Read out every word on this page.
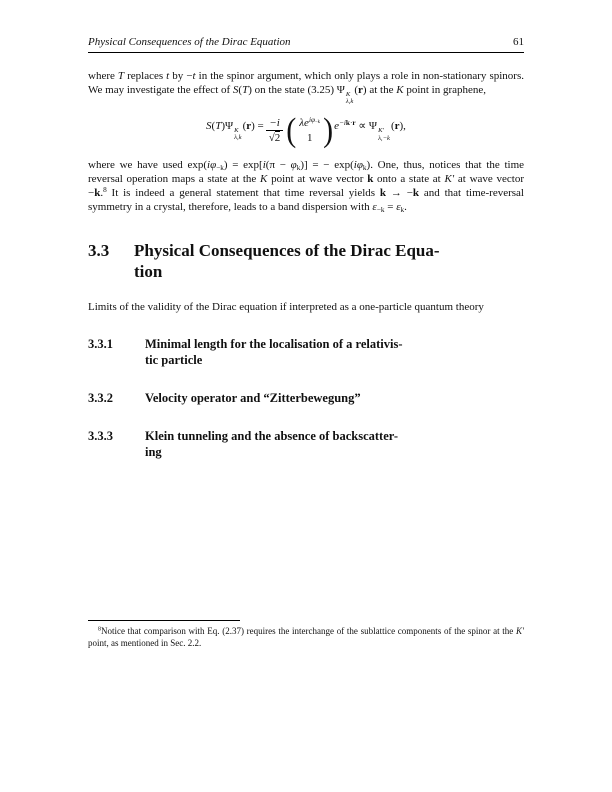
Physical Consequences of the Dirac Equation	61

where T replaces t by −t in the spinor argument, which only plays a role in non-stationary spinors. We may investigate the effect of S(T) on the state (3.25) Ψ K
λ,k
(r) at the K point in graphene,

S(T)Ψ K
λ,k
$(r) = \frac{-i}{√2}$ ( $\lambda e^{i\varphi_{-k}}$
1 ) $e^{-ik\cdot r} \propto \Psi$ K′
λ,−k
(r),

where we have used $\exp(i\varphi_{-k}) = \exp[i(\pi - \varphi_k)]$ = − $\exp(i\varphi_k)$. One, thus, notices that the time reversal operation maps a state at the K point at wave vector k onto a state at K′ at wave vector −k.$^8$ It is indeed a general statement that time reversal yields k → −k and that time-reversal symmetry in a crystal, therefore, leads to a band dispersion with $\varepsilon_{-k} = \varepsilon_k$.

3.3	Physical Consequences of the Dirac Equa-
tion

Limits of the validity of the Dirac equation if interpreted as a one-particle quantum theory

3.3.1	Minimal length for the localisation of a relativis-
tic particle
3.3.2	Velocity operator and “Zitterbewegung”
3.3.3	Klein tunneling and the absence of backscatter-
ing

$^8$Notice that comparison with Eq. (2.37) requires the interchange of the sublattice components of the spinor at the K′ point, as mentioned in Sec. 2.2.
